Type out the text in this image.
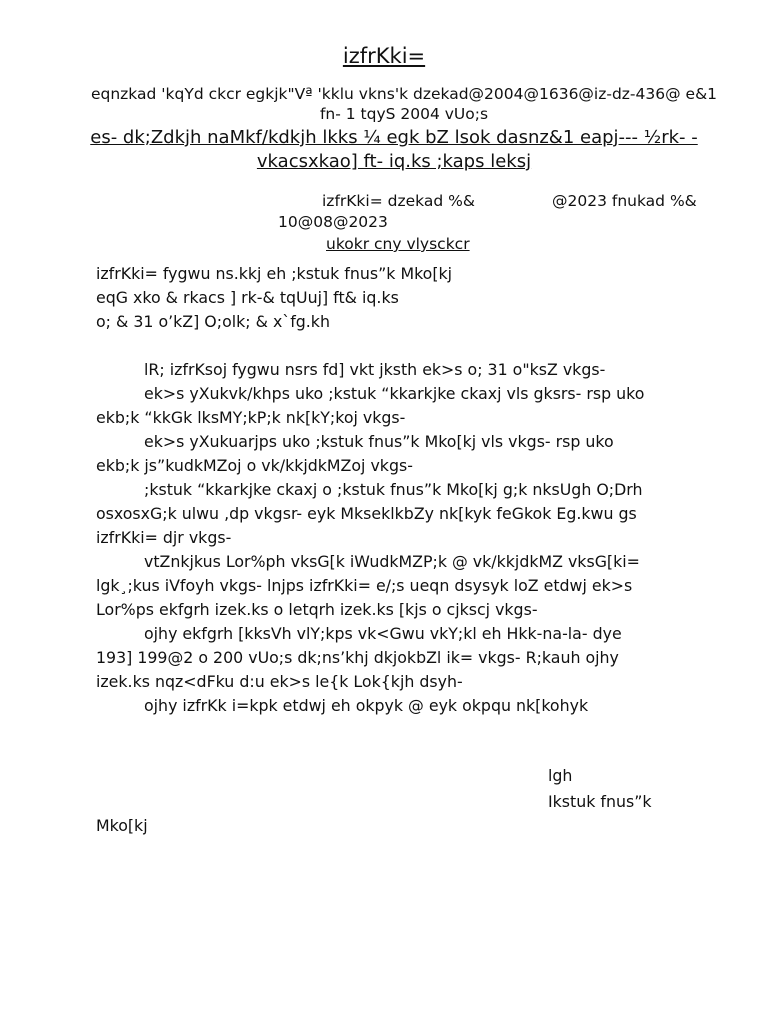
izfrKki=
eqnzkad 'kqYd ckcr egkjk"Vª 'kklu vkns'k dzekad@2004@1636@iz-dz-436@ e&1 fn- 1 tqyS 2004 vUo;s
es- dk;Zdkjh naMkf/kdkjh lkks ¼ egk bZ lsok dasnz&1 eapj--- ½rk- -vkacsxkao] ft- iq.ks ;kaps leksj
izfrKki= dzekad %&	@2023 fnukad %&
10@08@2023
ukokr cny vlysckcr
izfrKki= fygwu ns.kkj eh ;kstuk fnus”k Mko[kj
eqG xko & rkacs ] rk-& tqUuj] ft& iq.ks
o; & 31 o’kZ] O;olk; & x`fg.kh
lR; izfrKsoj fygwu nsrs fd] vkt jksth ek>s o; 31 o"ksZ vkgs-
ek>s yXukvk/khps uko ;kstuk “kkarkjke ckaxj vls gksrs- rsp uko
ekb;k “kkGk lksMY;kP;k nk[kY;koj vkgs-
ek>s yXukuarjps uko ;kstuk fnus”k Mko[kj vls vkgs- rsp uko
ekb;k js”kudkMZoj o vk/kkjdkMZoj vkgs-
;kstuk “kkarkjke ckaxj o ;kstuk fnus”k Mko[kj g;k nksUgh O;Drh
osxosxG;k ulwu ,dp vkgsr- eyk MkseklkbZy nk[kyk feGkok Eg.kwu gs
izfrKki= djr vkgs-
vtZnkjkus Lor%ph vksG[k iWudkMZP;k @ vk/kkjdkMZ vksG[ki=
lgk¸;kus iVfoyh vkgs- lnjps izfrKki= e/;s ueqn dsysyk loZ etdwj ek>s
Lor%ps ekfgrh izek.ks o letqrh izek.ks [kjs o cjkscj vkgs-
ojhy ekfgrh [kksVh vlY;kps vk<Gwu vkY;kl eh Hkk-na-la- dye
193] 199@2 o 200 vUo;s dk;ns’khj dkjokbZl ik= vkgs- R;kauh ojhy
izek.ks nqz<dFku d:u ek>s le{k Lok{kjh dsyh-
ojhy izfrKk i=kpk etdwj eh okpyk @ eyk okpqu nk[kohyk
lgh
Ikstuk fnus”k
Mko[kj
